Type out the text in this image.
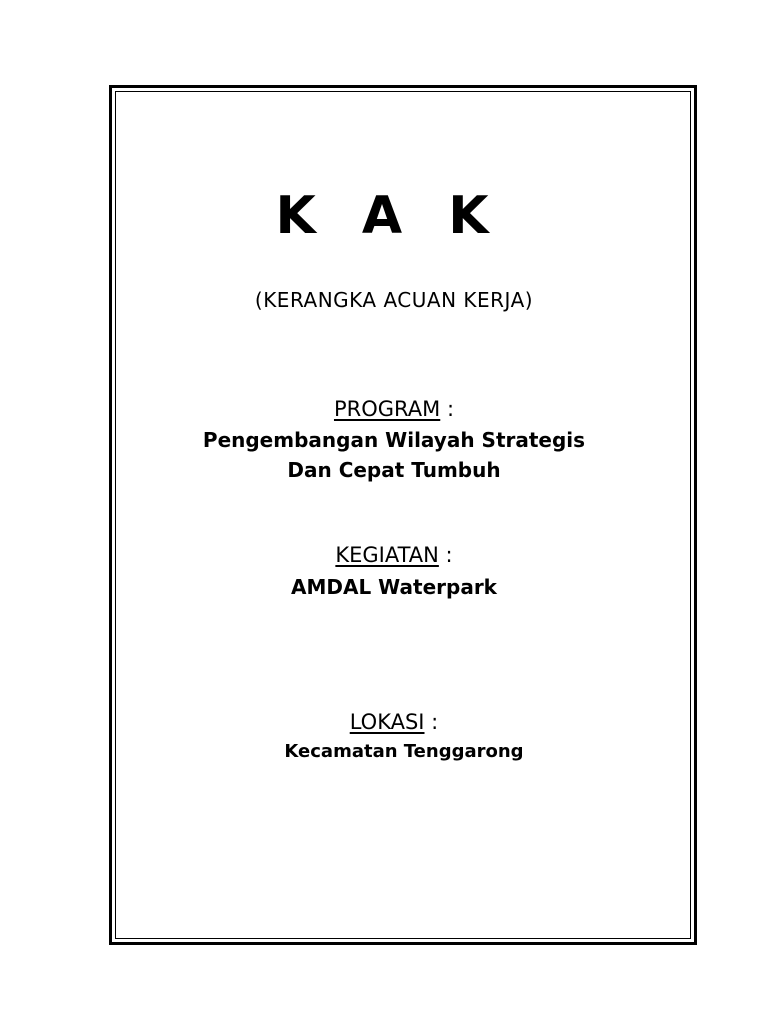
K A K
(KERANGKA ACUAN KERJA)
PROGRAM :
Pengembangan Wilayah Strategis
Dan Cepat Tumbuh
KEGIATAN :
AMDAL Waterpark
LOKASI :
Kecamatan Tenggarong
